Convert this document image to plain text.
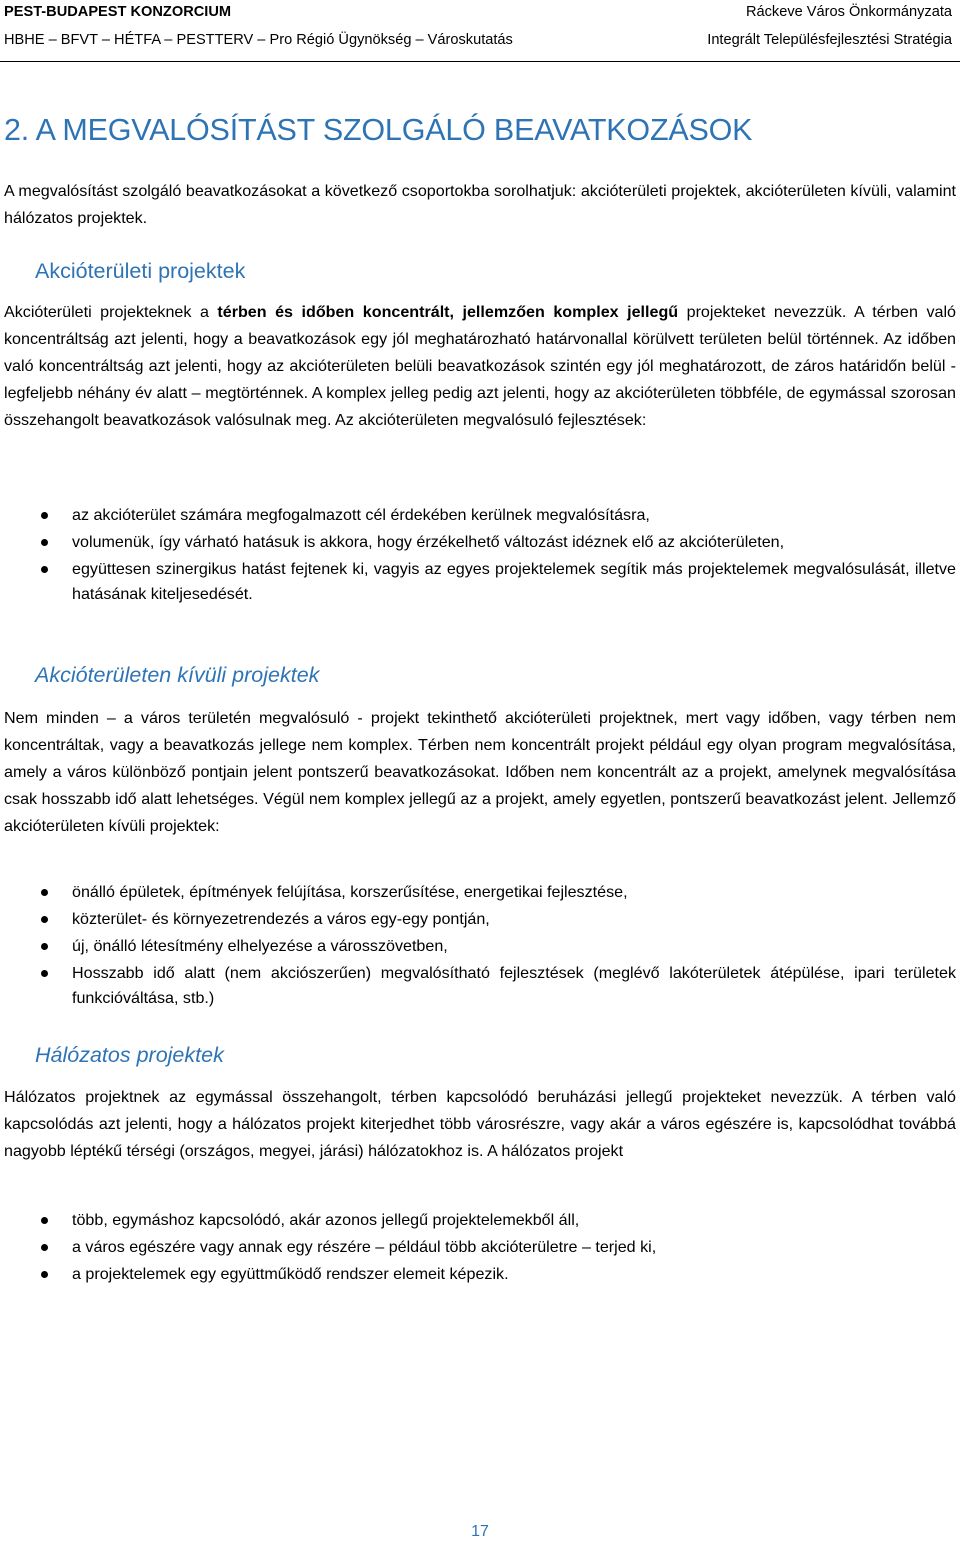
PEST-BUDAPEST KONZORCIUM	Ráckeve Város Önkormányzata
HBHE – BFVT – HÉTFA – PESTTERV – Pro Régió Ügynökség – Városkutatás	Integrált Településfejlesztési Stratégia
2. A MEGVALÓSÍTÁST SZOLGÁLÓ BEAVATKOZÁSOK

A megvalósítást szolgáló beavatkozásokat a következő csoportokba sorolhatjuk: akcióterületi projektek, akcióterületen kívüli, valamint hálózatos projektek.

Akcióterületi projektek

Akcióterületi projekteknek a térben és időben koncentrált, jellemzően komplex jellegű projekteket nevezzük. A térben való koncentráltság azt jelenti, hogy a beavatkozások egy jól meghatározható határvonallal körülvett területen belül történnek. Az időben való koncentráltság azt jelenti, hogy az akcióterületen belüli beavatkozások szintén egy jól meghatározott, de záros határidőn belül - legfeljebb néhány év alatt – megtörténnek. A komplex jelleg pedig azt jelenti, hogy az akcióterületen többféle, de egymással szorosan összehangolt beavatkozások valósulnak meg. Az akcióterületen megvalósuló fejlesztések:

az akcióterület számára megfogalmazott cél érdekében kerülnek megvalósításra,
volumenük, így várható hatásuk is akkora, hogy érzékelhető változást idéznek elő az akcióterületen,
együttesen szinergikus hatást fejtenek ki, vagyis az egyes projektelemek segítik más projektelemek megvalósulását, illetve hatásának kiteljesedését.
Akcióterületen kívüli projektek

Nem minden – a város területén megvalósuló - projekt tekinthető akcióterületi projektnek, mert vagy időben, vagy térben nem koncentráltak, vagy a beavatkozás jellege nem komplex. Térben nem koncentrált projekt például egy olyan program megvalósítása, amely a város különböző pontjain jelent pontszerű beavatkozásokat. Időben nem koncentrált az a projekt, amelynek megvalósítása csak hosszabb idő alatt lehetséges. Végül nem komplex jellegű az a projekt, amely egyetlen, pontszerű beavatkozást jelent. Jellemző akcióterületen kívüli projektek:

önálló épületek, építmények felújítása, korszerűsítése, energetikai fejlesztése,
közterület- és környezetrendezés a város egy-egy pontján,
új, önálló létesítmény elhelyezése a városszövetben,
Hosszabb idő alatt (nem akciószerűen) megvalósítható fejlesztések (meglévő lakóterületek átépülése, ipari területek funkcióváltása, stb.)
Hálózatos projektek

Hálózatos projektnek az egymással összehangolt, térben kapcsolódó beruházási jellegű projekteket nevezzük. A térben való kapcsolódás azt jelenti, hogy a hálózatos projekt kiterjedhet több városrészre, vagy akár a város egészére is, kapcsolódhat továbbá nagyobb léptékű térségi (országos, megyei, járási) hálózatokhoz is. A hálózatos projekt

több, egymáshoz kapcsolódó, akár azonos jellegű projektelemekből áll,
a város egészére vagy annak egy részére – például több akcióterületre – terjed ki,
a projektelemek egy együttműködő rendszer elemeit képezik.
17
